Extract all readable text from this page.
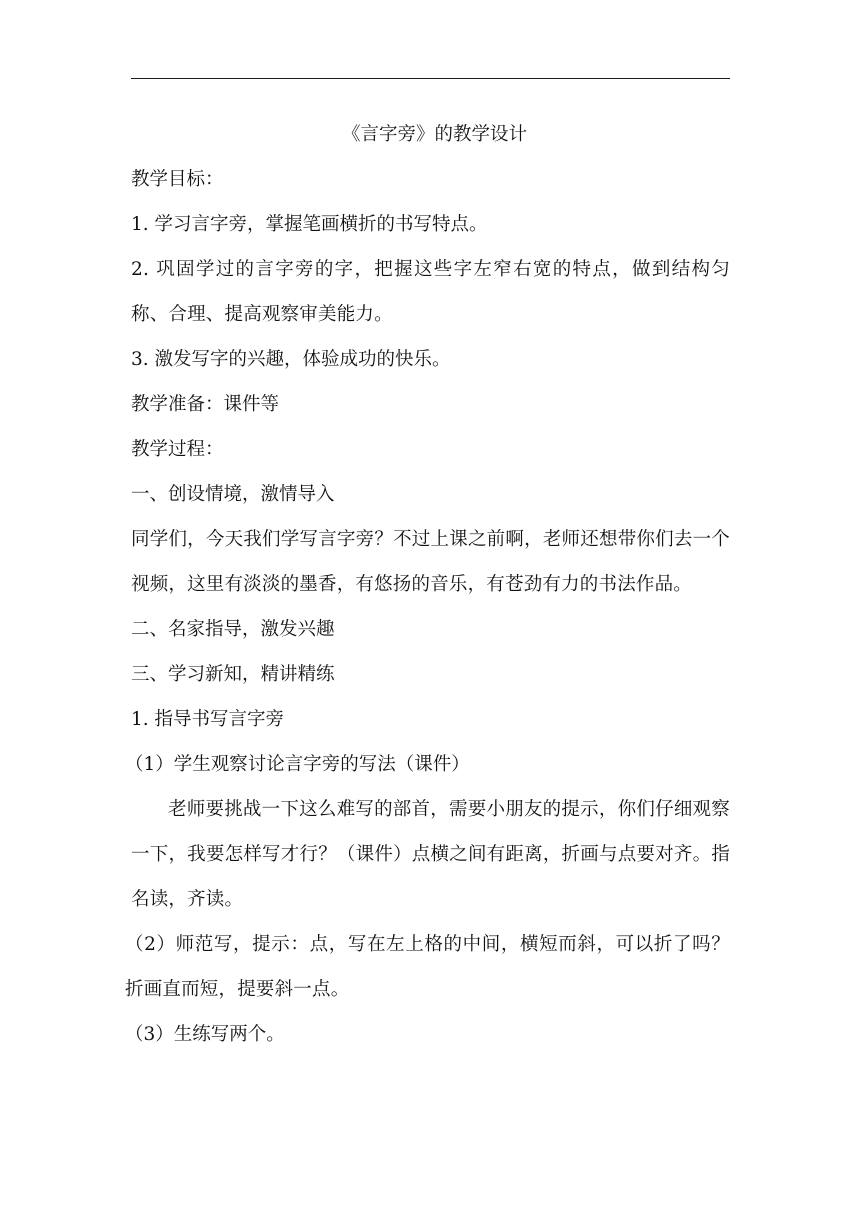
《言字旁》的教学设计
教学目标：
1. 学习言字旁，掌握笔画横折的书写特点。
2. 巩固学过的言字旁的字，把握这些字左窄右宽的特点，做到结构匀称、合理、提高观察审美能力。
3. 激发写字的兴趣，体验成功的快乐。
教学准备：课件等
教学过程：
一、创设情境，激情导入
同学们，今天我们学写言字旁？不过上课之前啊，老师还想带你们去一个视频，这里有淡淡的墨香，有悠扬的音乐，有苍劲有力的书法作品。
二、名家指导，激发兴趣
三、学习新知，精讲精练
1. 指导书写言字旁
（1）学生观察讨论言字旁的写法（课件）
老师要挑战一下这么难写的部首，需要小朋友的提示，你们仔细观察一下，我要怎样写才行？（课件）点横之间有距离，折画与点要对齐。指名读，齐读。
（2）师范写，提示：点，写在左上格的中间，横短而斜，可以折了吗？折画直而短，提要斜一点。
（3）生练写两个。
